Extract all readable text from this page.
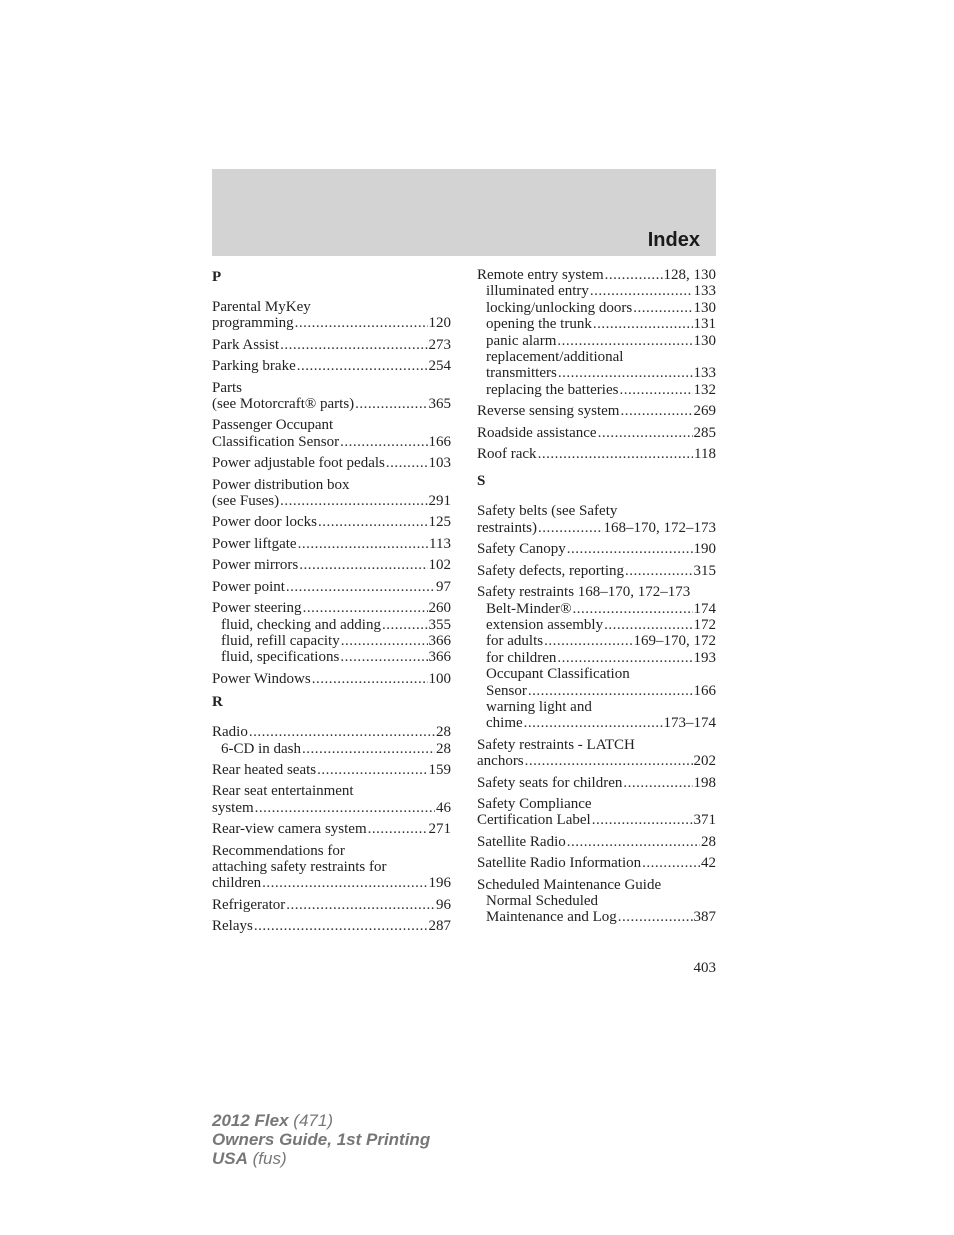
Index
P
Parental MyKey
programming .....	120
Park Assist .....	273
Parking brake .....	254
Parts
(see Motorcraft® parts) .....	365
Passenger Occupant
Classification Sensor .....	166
Power adjustable foot pedals .....	103
Power distribution box
(see Fuses) .....	291
Power door locks .....	125
Power liftgate .....	113
Power mirrors .....	102
Power point .....	97
Power steering .....	260
fluid, checking and adding .....	355
fluid, refill capacity .....	366
fluid, specifications .....	366
Power Windows .....	100
R
Radio .....	28
6-CD in dash .....	28
Rear heated seats .....	159
Rear seat entertainment
system .....	46
Rear-view camera system .....	271
Recommendations for
attaching safety restraints for
children .....	196
Refrigerator .....	96
Relays .....	287
Remote entry system .....	128, 130
illuminated entry .....	133
locking/unlocking doors .....	130
opening the trunk .....	131
panic alarm .....	130
replacement/additional
transmitters .....	133
replacing the batteries .....	132
Reverse sensing system .....	269
Roadside assistance .....	285
Roof rack .....	118
S
Safety belts (see Safety
restraints) .....	168–170, 172–173
Safety Canopy .....	190
Safety defects, reporting .....	315
Safety restraints 168–170, 172–173
Belt-Minder® .....	174
extension assembly .....	172
for adults .....	169–170, 172
for children .....	193
Occupant Classification
Sensor .....	166
warning light and
chime .....	173–174
Safety restraints - LATCH
anchors .....	202
Safety seats for children .....	198
Safety Compliance
Certification Label .....	371
Satellite Radio .....	28
Satellite Radio Information .....	42
Scheduled Maintenance Guide
Normal Scheduled
Maintenance and Log .....	387
403
2012 Flex (471)
Owners Guide, 1st Printing
USA (fus)
